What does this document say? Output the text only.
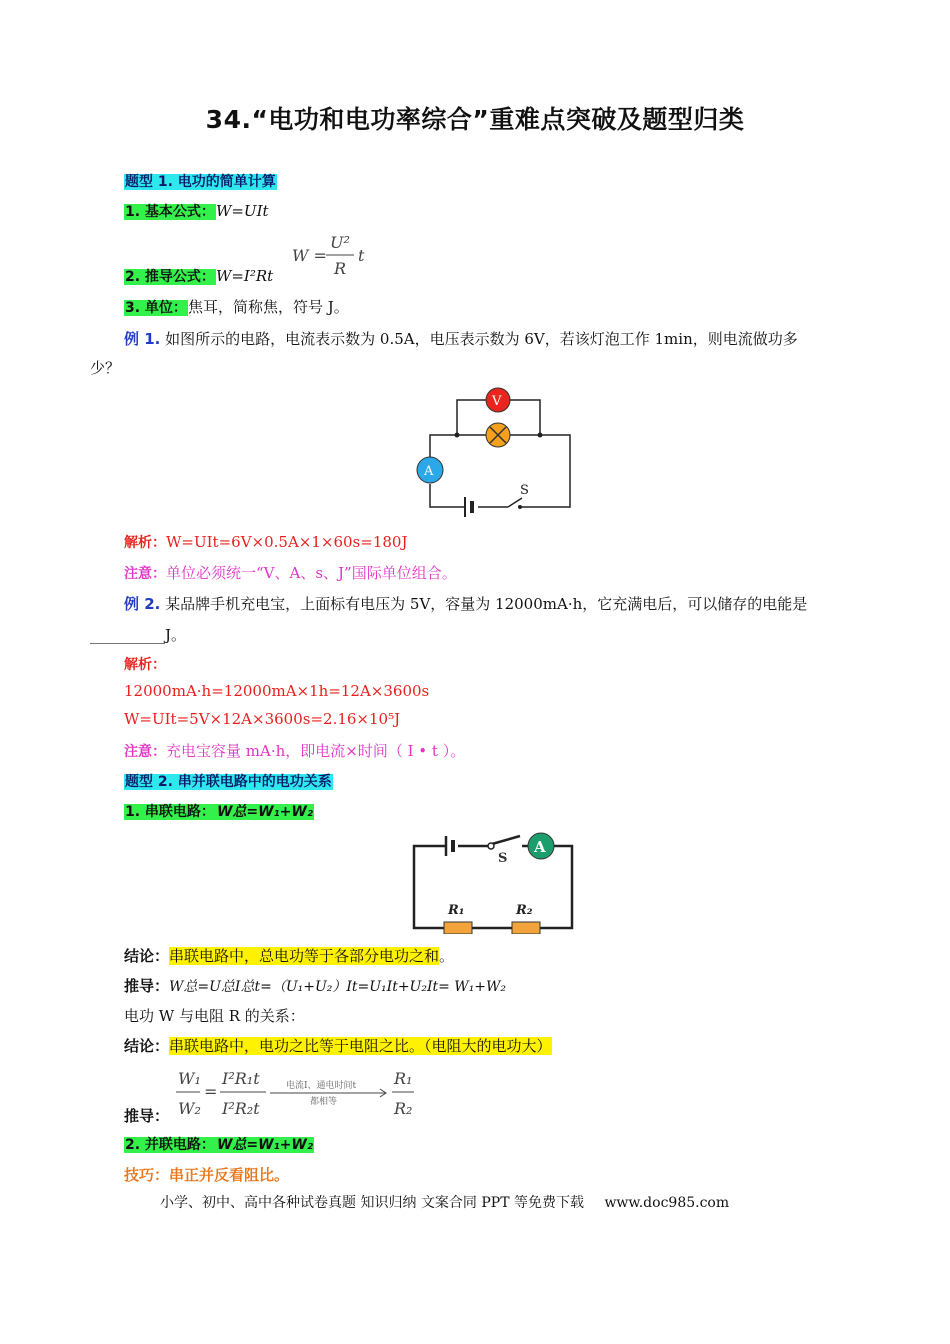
34.“电功和电功率综合”重难点突破及题型归类
题型 1. 电功的简单计算
1. 基本公式：W=UIt
W =
U²
R
t
2. 推导公式：W=I²Rt
3. 单位：焦耳，简称焦，符号 J。
例 1. 如图所示的电路，电流表示数为 0.5A，电压表示数为 6V，若该灯泡工作 1min，则电流做功多
少？
V
A
S
解析：W=UIt=6V×0.5A×1×60s=180J
注意：单位必须统一“V、A、s、J”国际单位组合。
例 2. 某品牌手机充电宝，上面标有电压为 5V，容量为 12000mA·h，它充满电后，可以储存的电能是
__________J。
解析：
12000mA·h=12000mA×1h=12A×3600s
W=UIt=5V×12A×3600s=2.16×10⁵J
注意：充电宝容量 mA·h，即电流×时间（ I • t ）。
题型 2. 串并联电路中的电功关系
1. 串联电路： W总=W₁+W₂
A
S
R₁	R₂
结论：串联电路中，总电功等于各部分电功之和。
推导：W总=U总I总t=（U₁+U₂）It=U₁It+U₂It= W₁+W₂
电功 W 与电阻 R 的关系：
结论：串联电路中，电功之比等于电阻之比。（电阻大的电功大）
W₁
W₂
=
I²R₁t
I²R₂t
电流I、通电时间t
都相等
R₁
R₂
推导：
2. 并联电路： W总=W₁+W₂
技巧：串正并反看阻比。
小学、初中、高中各种试卷真题 知识归纳 文案合同 PPT 等免费下载 www.doc985.com
